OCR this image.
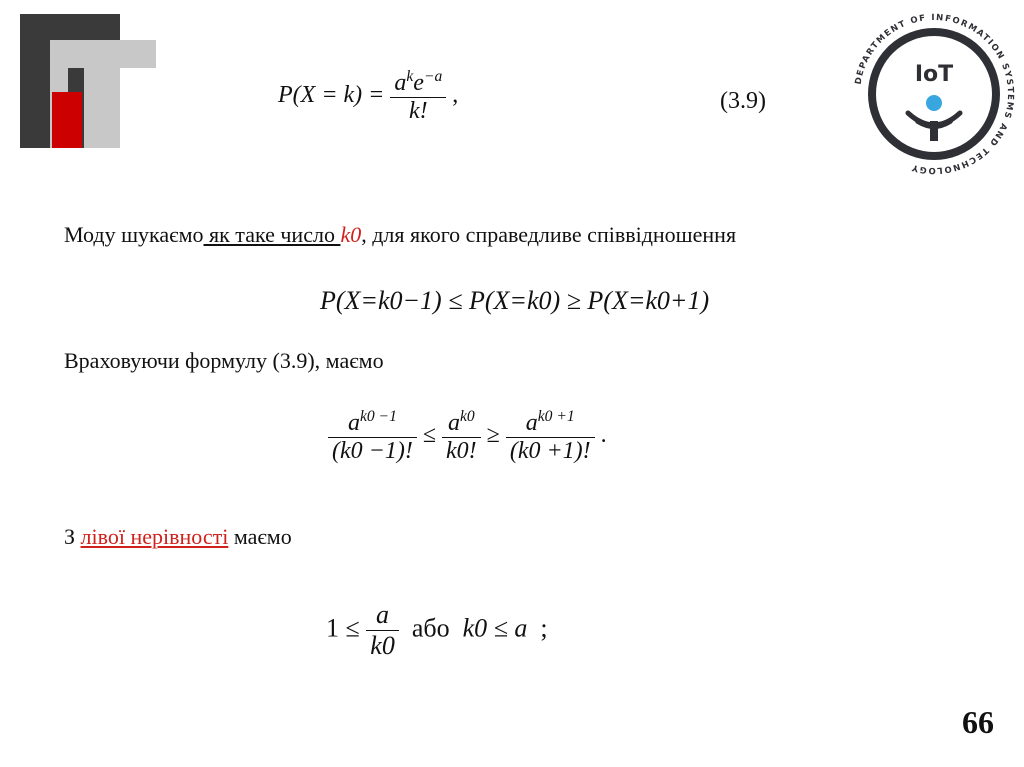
DEPARTMENT OF INFORMATION SYSTEMS AND TECHNOLOGY
IoT
$P(X = k) = \frac{a^ke^{-a}}{k!}$ ,	(3.9)
Моду шукаємо як таке число k0, для якого справедливе співвідношення
P(X=k0−1) ≤ P(X=k0) ≥ P(X=k0+1)
Враховуючи формулу (3.9), маємо
$\frac{a^{k0 -1}}{(k0 -1)!} \le \frac{a^{k0}}{k0!} \ge \frac{a^{k0 +1}}{(k0 +1)!}$ .
З лівої нерівності маємо
$1 \le \frac{a}{k0}$ або k0 ≤ a ;
66
